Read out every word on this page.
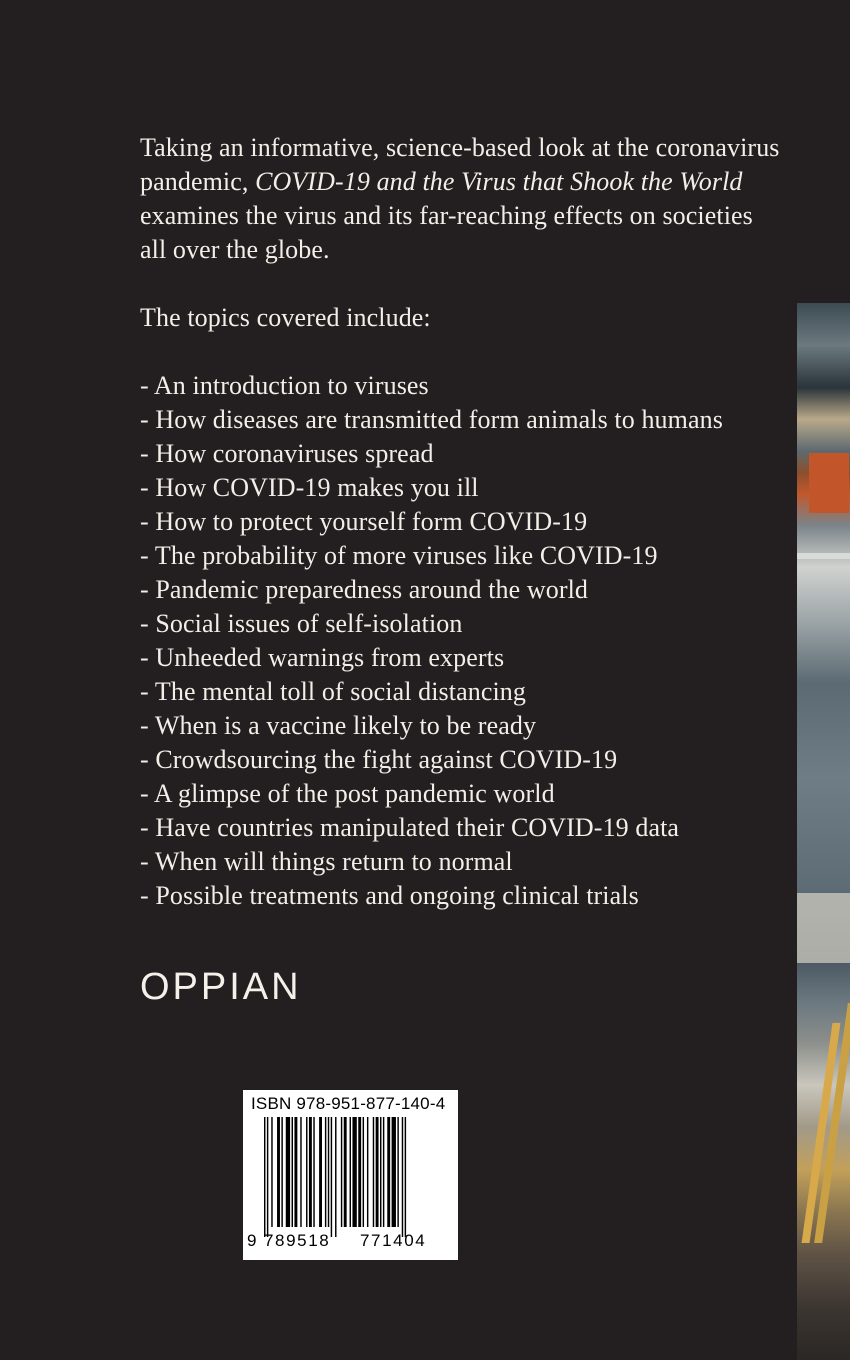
Taking an informative, science-based look at the coronavirus pandemic, COVID-19 and the Virus that Shook the World examines the virus and its far-reaching effects on societies all over the globe.

The topics covered include:

- An introduction to viruses
- How diseases are transmitted form animals to humans
- How coronaviruses spread
- How COVID-19 makes you ill
- How to protect yourself form COVID-19
- The probability of more viruses like COVID-19
- Pandemic preparedness around the world
- Social issues of self-isolation
- Unheeded warnings from experts
- The mental toll of social distancing
- When is a vaccine likely to be ready
- Crowdsourcing the fight against COVID-19
- A glimpse of the post pandemic world
- Have countries manipulated their COVID-19 data
- When will things return to normal
- Possible treatments and ongoing clinical trials
OPPIAN
ISBN 978-951-877-140-4
9 789518 771404
